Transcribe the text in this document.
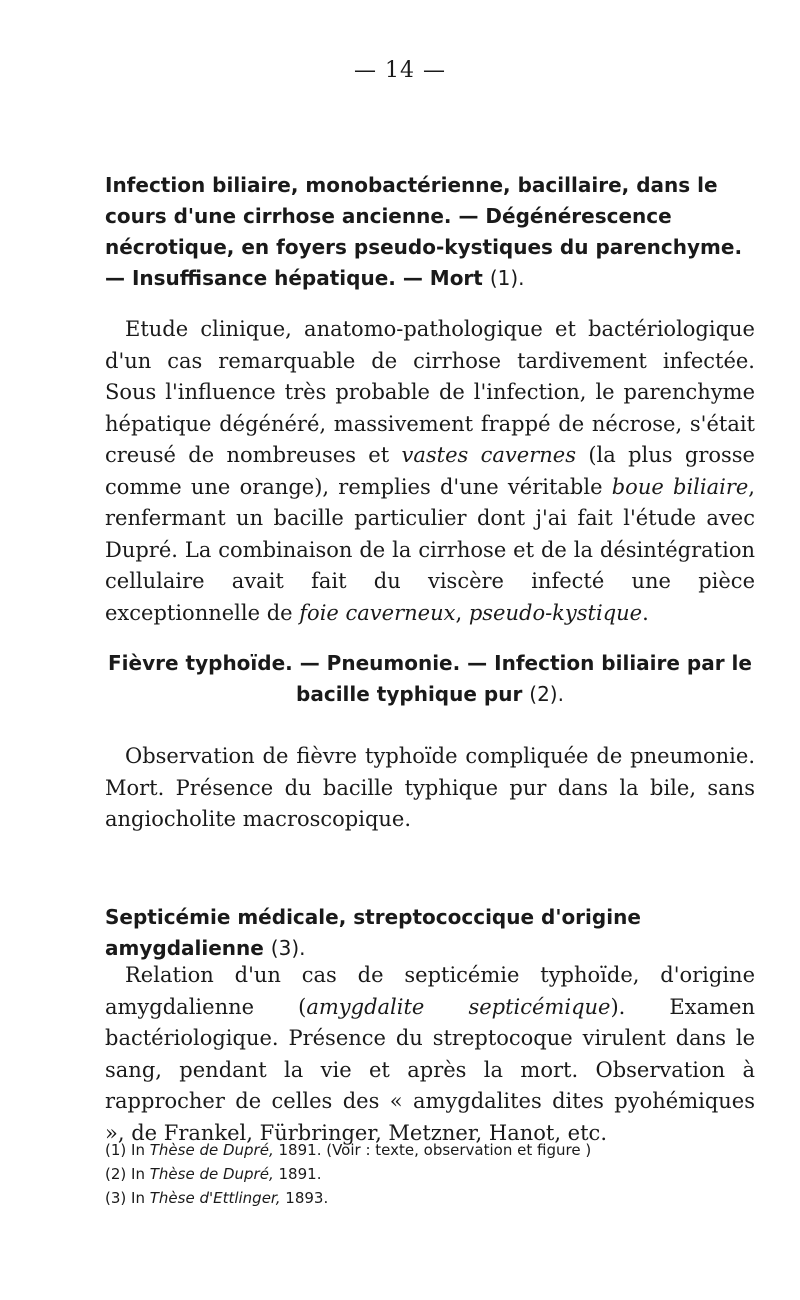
— 14 —
Infection biliaire, monobactérienne, bacillaire, dans le cours d'une cirrhose ancienne. — Dégénérescence nécrotique, en foyers pseudo-kystiques du parenchyme. — Insuffisance hépatique. — Mort (1).
Etude clinique, anatomo-pathologique et bactériologique d'un cas remarquable de cirrhose tardivement infectée. Sous l'influence très probable de l'infection, le parenchyme hépatique dégénéré, massivement frappé de nécrose, s'était creusé de nombreuses et vastes cavernes (la plus grosse comme une orange), remplies d'une véritable boue biliaire, renfermant un bacille particulier dont j'ai fait l'étude avec Dupré. La combinaison de la cirrhose et de la désintégration cellulaire avait fait du viscère infecté une pièce exceptionnelle de foie caverneux, pseudo-kystique.
Fièvre typhoïde. — Pneumonie. — Infection biliaire par le bacille typhique pur (2).
Observation de fièvre typhoïde compliquée de pneumonie. Mort. Présence du bacille typhique pur dans la bile, sans angiocholite macroscopique.
Septicémie médicale, streptococcique d'origine amygdalienne (3).
Relation d'un cas de septicémie typhoïde, d'origine amygdalienne (amygdalite septicémique). Examen bactériologique. Présence du streptocoque virulent dans le sang, pendant la vie et après la mort. Observation à rapprocher de celles des « amygdalites dites pyohémiques », de Frankel, Fürbringer, Metzner, Hanot, etc.
(1) In Thèse de Dupré, 1891. (Voir : texte, observation et figure )
(2) In Thèse de Dupré, 1891.
(3) In Thèse d'Ettlinger, 1893.
